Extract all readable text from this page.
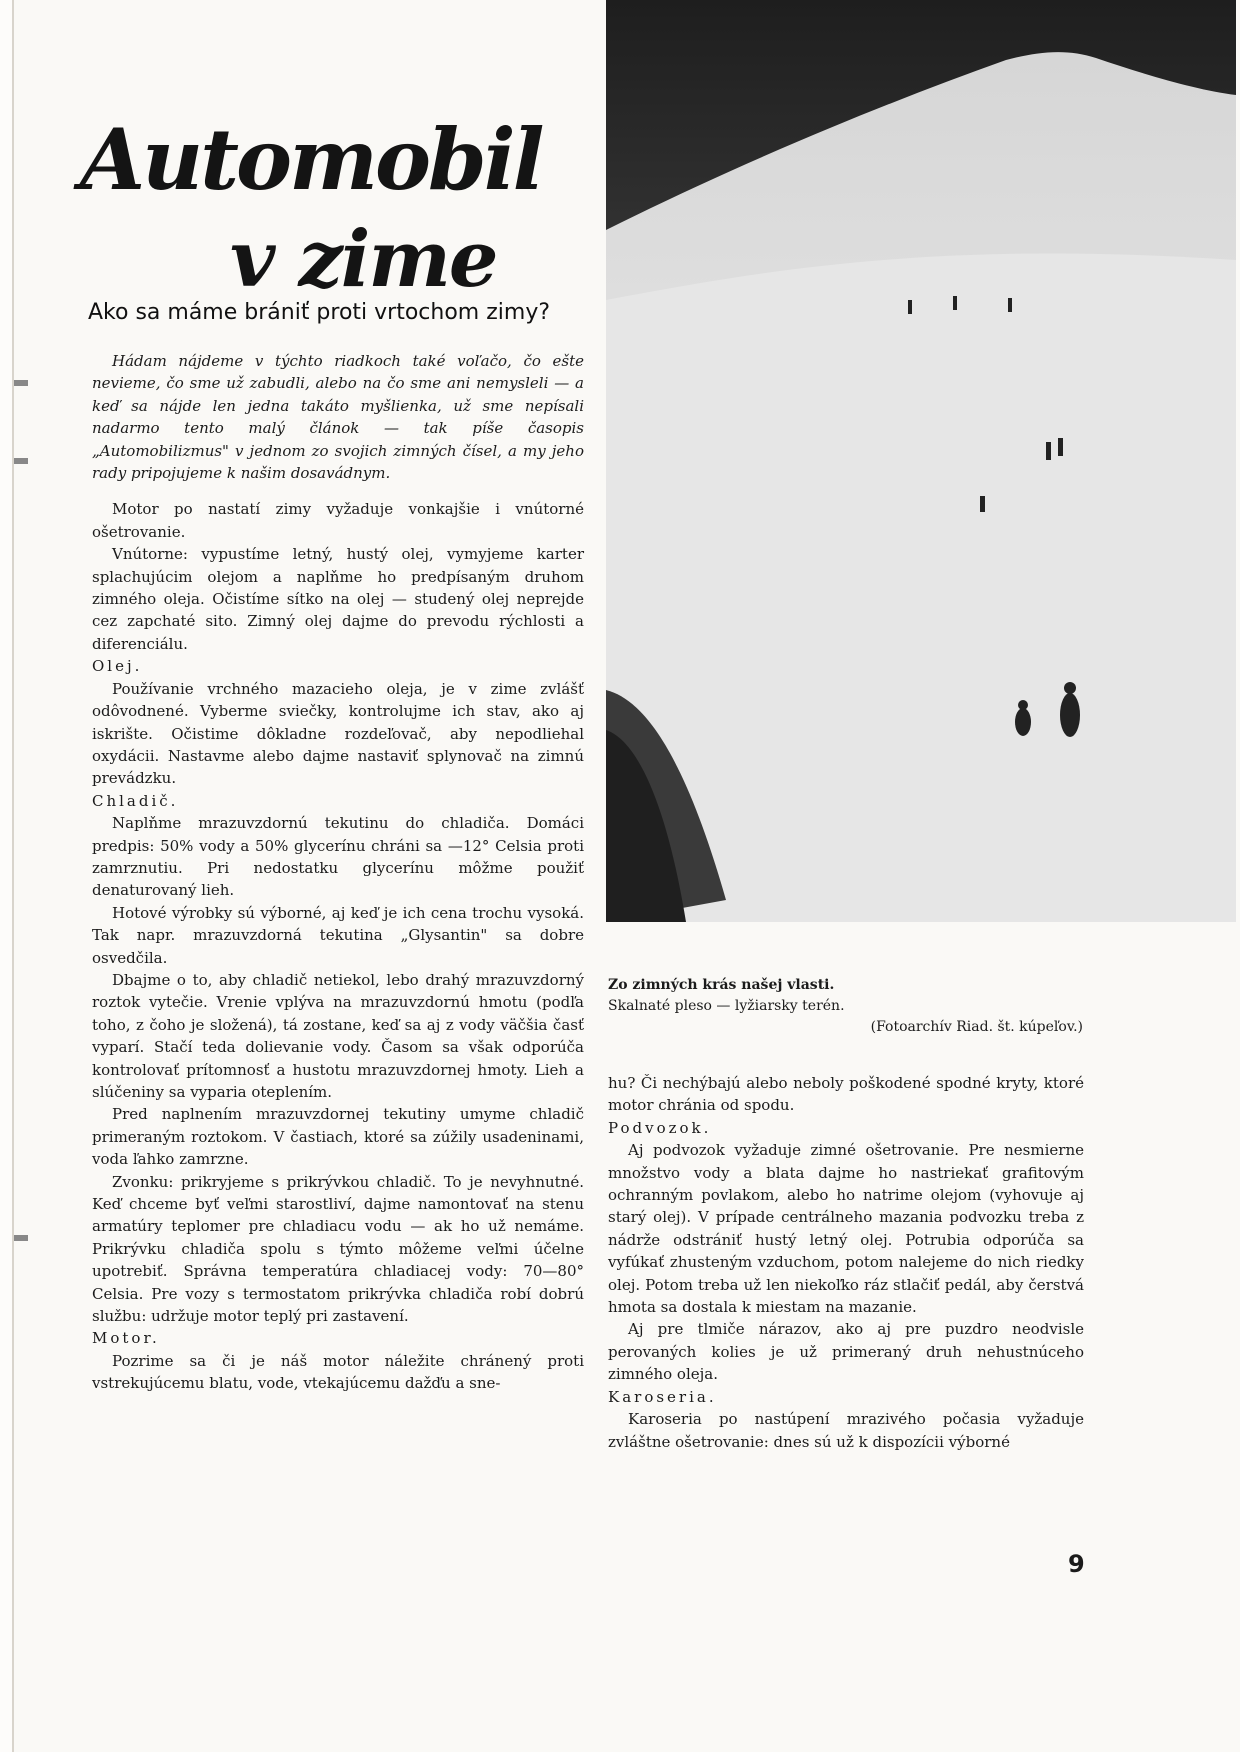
Automobil
v zime
Ako sa máme brániť proti vrtochom zimy?

Hádam nájdeme v týchto riadkoch také voľačo, čo ešte nevieme, čo sme už zabudli, alebo na čo sme ani nemysleli — a keď sa nájde len jedna takáto myšlienka, už sme nepísali nadarmo tento malý článok — tak píše časopis „Automobilizmus" v jednom zo svojich zimných čísel, a my jeho rady pripojujeme k našim dosavádnym.

Motor po nastatí zimy vyžaduje vonkajšie i vnútorné ošetrovanie.

Vnútorne: vypustíme letný, hustý olej, vymyjeme karter splachujúcim olejom a naplňme ho predpísaným druhom zimného oleja. Očistíme sítko na olej — studený olej neprejde cez zapchaté sito. Zimný olej dajme do prevodu rýchlosti a diferenciálu.

Olej.

Používanie vrchného mazacieho oleja, je v zime zvlášť odôvodnené. Vyberme sviečky, kontrolujme ich stav, ako aj iskrište. Očistime dôkladne rozdeľovač, aby nepodliehal oxydácii. Nastavme alebo dajme nastaviť splynovač na zimnú prevádzku.

Chladič.

Naplňme mrazuvzdornú tekutinu do chladiča. Domáci predpis: 50% vody a 50% glycerínu chráni sa —12° Celsia proti zamrznutiu. Pri nedostatku glycerínu môžme použiť denaturovaný lieh.

Hotové výrobky sú výborné, aj keď je ich cena trochu vysoká. Tak napr. mrazuvzdorná tekutina „Glysantin" sa dobre osvedčila.

Dbajme o to, aby chladič netiekol, lebo drahý mrazuvzdorný roztok vytečie. Vrenie vplýva na mrazuvzdornú hmotu (podľa toho, z čoho je složená), tá zostane, keď sa aj z vody väčšia časť vyparí. Stačí teda dolievanie vody. Časom sa však odporúča kontrolovať prítomnosť a hustotu mrazuvzdornej hmoty. Lieh a slúčeniny sa vyparia oteplením.

Pred naplnením mrazuvzdornej tekutiny umyme chladič primeraným roztokom. V častiach, ktoré sa zúžily usadeninami, voda ľahko zamrzne.

Zvonku: prikryjeme s prikrývkou chladič. To je nevyhnutné. Keď chceme byť veľmi starostliví, dajme namontovať na stenu armatúry teplomer pre chladiacu vodu — ak ho už nemáme. Prikrývku chladiča spolu s týmto môžeme veľmi účelne upotrebiť. Správna temperatúra chladiacej vody: 70—80° Celsia. Pre vozy s termostatom prikrývka chladiča robí dobrú službu: udržuje motor teplý pri zastavení.

Motor.

Pozrime sa či je náš motor náležite chránený proti vstrekujúcemu blatu, vode, vtekajúcemu dažďu a sne-

Zo zimných krás našej vlasti.
Skalnaté pleso — lyžiarsky terén.
(Fotoarchív Riad. št. kúpeľov.)

hu? Či nechýbajú alebo neboly poškodené spodné kryty, ktoré motor chránia od spodu.

Podvozok.

Aj podvozok vyžaduje zimné ošetrovanie. Pre nesmierne množstvo vody a blata dajme ho nastriekať grafitovým ochranným povlakom, alebo ho natrime olejom (vyhovuje aj starý olej). V prípade centrálneho mazania podvozku treba z nádrže odstrániť hustý letný olej. Potrubia odporúča sa vyfúkať zhusteným vzduchom, potom nalejeme do nich riedky olej. Potom treba už len niekoľko ráz stlačiť pedál, aby čerstvá hmota sa dostala k miestam na mazanie.

Aj pre tlmiče nárazov, ako aj pre puzdro neodvisle perovaných kolies je už primeraný druh nehustnúceho zimného oleja.

Karoseria.

Karoseria po nastúpení mrazivého počasia vyžaduje zvláštne ošetrovanie: dnes sú už k dispozícii výborné

9
